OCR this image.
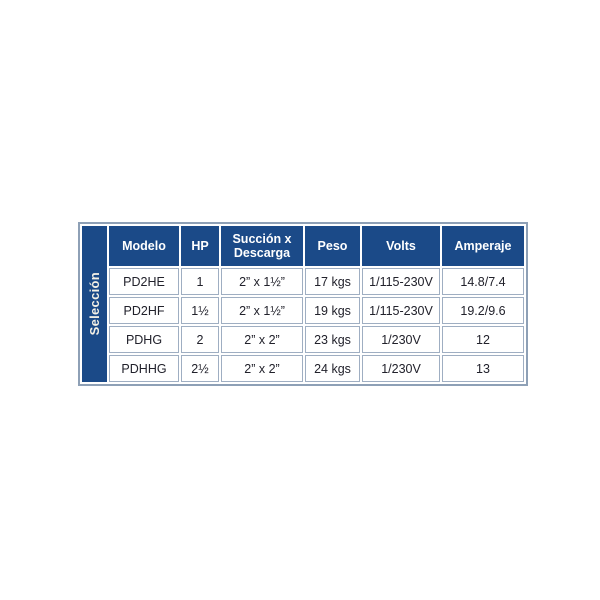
Selección
Modelo	HP	Succión x Descarga	Peso	Volts	Amperaje
PD2HE	1	2” x 1½”	17 kgs	1/115-230V	14.8/7.4
PD2HF	1½	2” x 1½”	19 kgs	1/115-230V	19.2/9.6
PDHG	2	2” x 2”	23 kgs	1/230V	12
PDHHG	2½	2” x 2”	24 kgs	1/230V	13
